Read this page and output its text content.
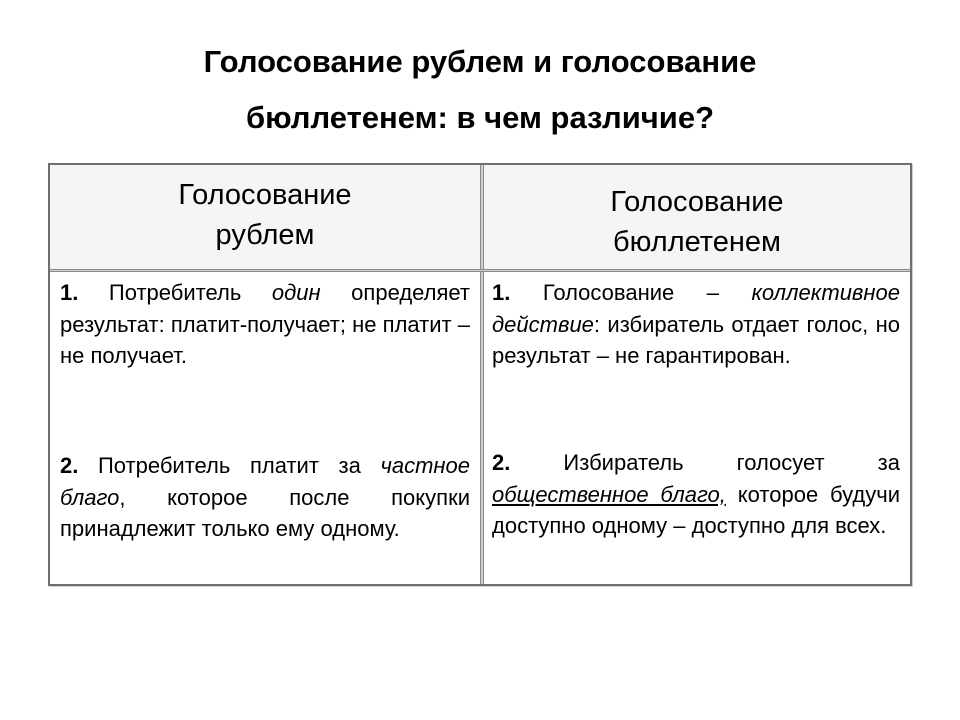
Голосование рублем и голосование
бюллетенем: в чем различие?
Голосование
рублем
Голосование
бюллетенем

1. Потребитель один определяет результат: платит-получает; не платит – не получает.

2. Потребитель платит за частное благо, которое после покупки принадлежит только ему одному.

1. Голосование – коллективное действие: избиратель отдает голос, но результат – не гарантирован.

2. Избиратель голосует за общественное благо, которое будучи доступно одному – доступно для всех.
